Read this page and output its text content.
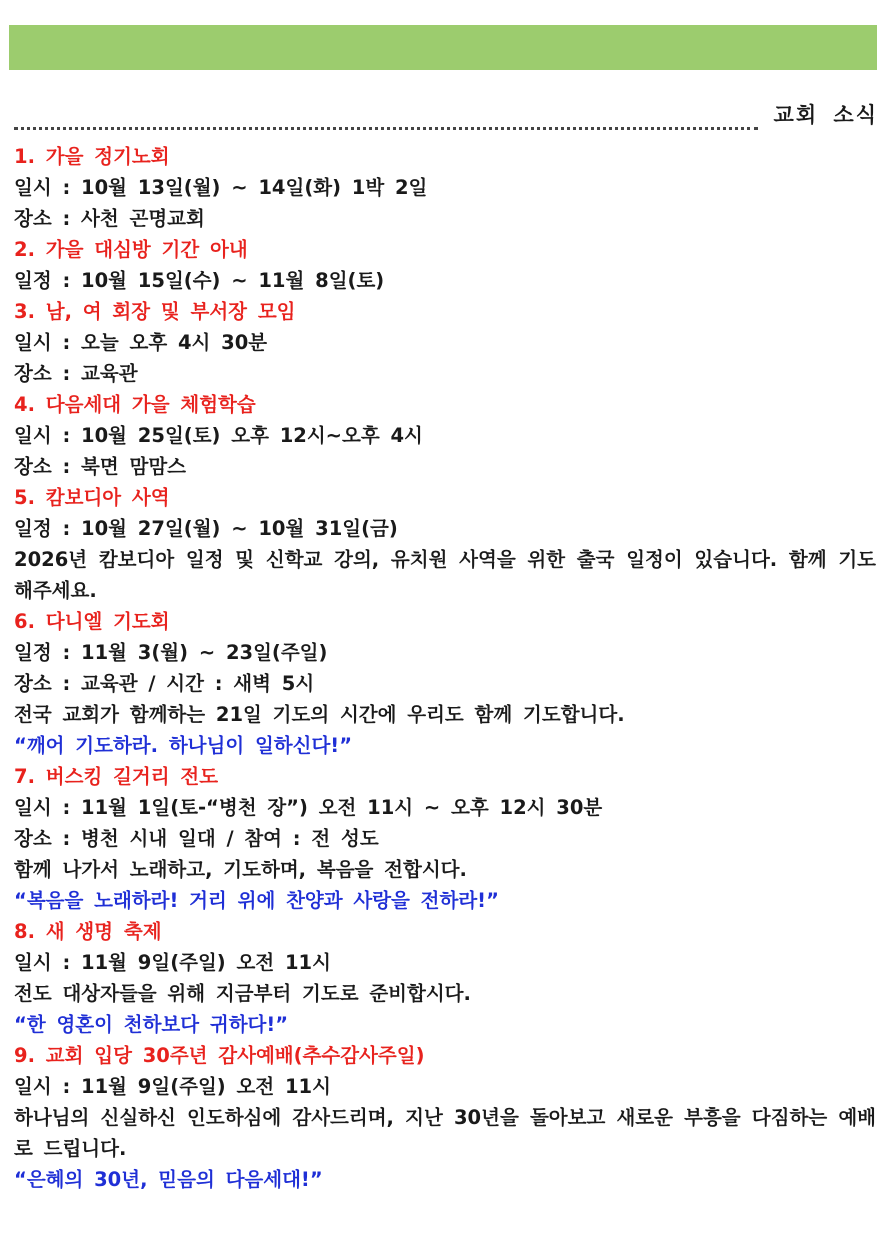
교회 소식
1. 가을 정기노회
일시 : 10월 13일(월) ~ 14일(화) 1박 2일
장소 : 사천 곤명교회
2. 가을 대심방 기간 아내
일정 : 10월 15일(수) ~ 11월 8일(토)
3. 남, 여 회장 및 부서장 모임
일시 : 오늘 오후 4시 30분
장소 : 교육관
4. 다음세대 가을 체험학습
일시 : 10월 25일(토) 오후 12시~오후 4시
장소 : 북면 맘맘스
5. 캄보디아 사역
일정 : 10월 27일(월) ~ 10월 31일(금)
2026년 캄보디아 일정 및 신학교 강의, 유치원 사역을 위한 출국 일정이 있습니다. 함께 기도해주세요.
6. 다니엘 기도회
일정 : 11월 3(월) ~ 23일(주일)
장소 : 교육관 / 시간 : 새벽 5시
전국 교회가 함께하는 21일 기도의 시간에 우리도 함께 기도합니다.
“깨어 기도하라. 하나님이 일하신다!”
7. 버스킹 길거리 전도
일시 : 11월 1일(토-“병천 장”) 오전 11시 ~ 오후 12시 30분
장소 : 병천 시내 일대 / 참여 : 전 성도
함께 나가서 노래하고, 기도하며, 복음을 전합시다.
“복음을 노래하라! 거리 위에 찬양과 사랑을 전하라!”
8. 새 생명 축제
일시 : 11월 9일(주일) 오전 11시
전도 대상자들을 위해 지금부터 기도로 준비합시다.
“한 영혼이 천하보다 귀하다!”
9. 교회 입당 30주년 감사예배(추수감사주일)
일시 : 11월 9일(주일) 오전 11시
하나님의 신실하신 인도하심에 감사드리며, 지난 30년을 돌아보고 새로운 부흥을 다짐하는 예배로 드립니다.
“은혜의 30년, 믿음의 다음세대!”
